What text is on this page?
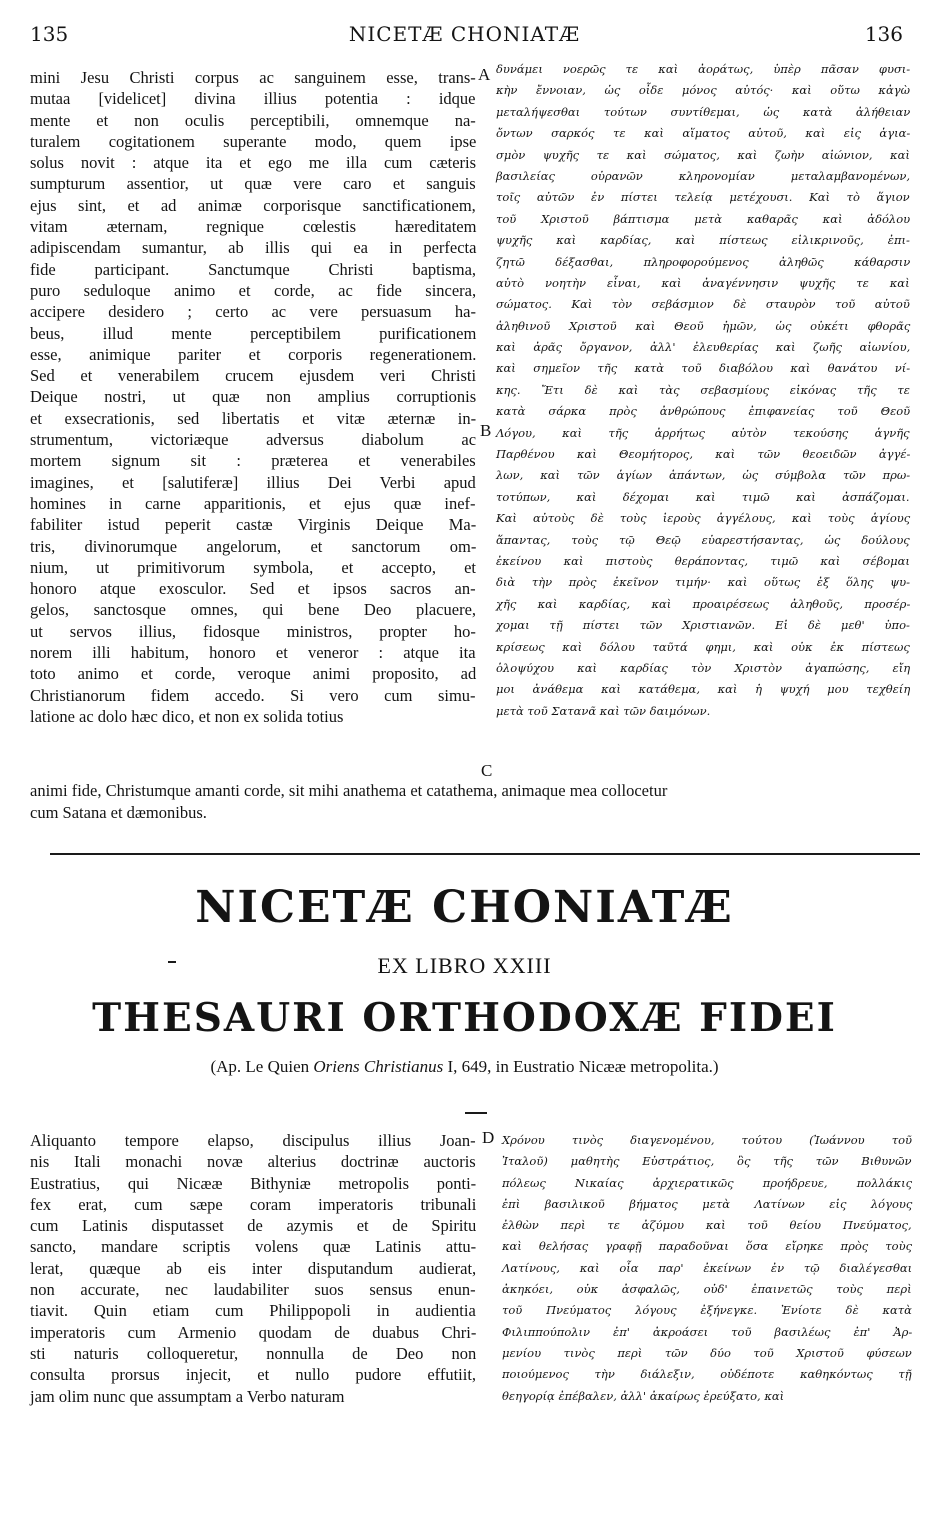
135	NICETÆ CHONIATÆ	136
mini Jesu Christi corpus ac sanguinem esse, trans-
mutaa [videlicet] divina illius potentia : idque
mente et non oculis perceptibili, omnemque na-
turalem cogitationem superante modo, quem ipse
solus novit : atque ita et ego me illa cum cæteris
sumpturum assentior, ut quæ vere caro et sanguis
ejus sint, et ad animæ corporisque sanctificationem,
vitam æternam, regnique cœlestis hæreditatem
adipiscendam sumantur, ab illis qui ea in perfecta
fide participant. Sanctumque Christi baptisma,
puro seduloque animo et corde, ac fide sincera,
accipere desidero ; certo ac vere persuasum ha-
beus, illud mente perceptibilem purificationem
esse, animique pariter et corporis regenerationem.
Sed et venerabilem crucem ejusdem veri Christi
Deique nostri, ut quæ non amplius corruptionis
et exsecrationis, sed libertatis et vitæ æternæ in-
strumentum, victoriæque adversus diabolum ac
mortem signum sit : præterea et venerabiles
imagines, et [salutiferæ] illius Dei Verbi apud
homines in carne apparitionis, et ejus quæ inef-
fabiliter istud peperit castæ Virginis Deique Ma-
tris, divinorumque angelorum, et sanctorum om-
nium, ut primitivorum symbola, et accepto, et
honoro atque exosculor. Sed et ipsos sacros an-
gelos, sanctosque omnes, qui bene Deo placuere,
ut servos illius, fidosque ministros, propter ho-
norem illi habitum, honoro et veneror : atque ita
toto animo et corde, veroque animi proposito, ad
Christianorum fidem accedo. Si vero cum simu-
latione ac dolo hæc dico, et non ex solida totius
δυνάμει νοερῶς τε καὶ ἀοράτως, ὑπὲρ πᾶσαν φυσι-
κὴν ἔννοιαν, ὡς οἶδε μόνος αὐτός· καὶ οὕτω κἀγὼ
μεταλήψεσθαι τούτων συντίθεμαι, ὡς κατὰ ἀλήθειαν
ὄντων σαρκός τε καὶ αἵματος αὐτοῦ, καὶ εἰς ἁγια-
σμὸν ψυχῆς τε καὶ σώματος, καὶ ζωὴν αἰώνιον, καὶ
βασιλείας οὐρανῶν κληρονομίαν μεταλαμβανομένων,
τοῖς αὐτῶν ἐν πίστει τελείᾳ μετέχουσι. Καὶ τὸ ἅγιον
τοῦ Χριστοῦ βάπτισμα μετὰ καθαρᾶς καὶ ἀδόλου
ψυχῆς καὶ καρδίας, καὶ πίστεως εἰλικρινοῦς, ἐπι-
ζητῶ δέξασθαι, πληροφορούμενος ἀληθῶς κάθαρσιν
αὐτὸ νοητὴν εἶναι, καὶ ἀναγέννησιν ψυχῆς τε καὶ
σώματος. Καὶ τὸν σεβάσμιον δὲ σταυρὸν τοῦ αὐτοῦ
ἀληθινοῦ Χριστοῦ καὶ Θεοῦ ἡμῶν, ὡς οὐκέτι φθορᾶς
καὶ ἀρᾶς ὄργανον, ἀλλ' ἐλευθερίας καὶ ζωῆς αἰωνίου,
καὶ σημεῖον τῆς κατὰ τοῦ διαβόλου καὶ θανάτου νί-
κης. Ἔτι δὲ καὶ τὰς σεβασμίους εἰκόνας τῆς τε
κατὰ σάρκα πρὸς ἀνθρώπους ἐπιφανείας τοῦ Θεοῦ
Λόγου, καὶ τῆς ἀρρήτως αὐτὸν τεκούσης ἁγνῆς
Παρθένου καὶ Θεομήτορος, καὶ τῶν θεοειδῶν ἀγγέ-
λων, καὶ τῶν ἁγίων ἁπάντων, ὡς σύμβολα τῶν πρω-
τοτύπων, καὶ δέχομαι καὶ τιμῶ καὶ ἀσπάζομαι.
Καὶ αὐτοὺς δὲ τοὺς ἱεροὺς ἀγγέλους, καὶ τοὺς ἁγίους
ἅπαντας, τοὺς τῷ Θεῷ εὐαρεστήσαντας, ὡς δούλους
ἐκείνου καὶ πιστοὺς θεράποντας, τιμῶ καὶ σέβομαι
διὰ τὴν πρὸς ἐκεῖνον τιμήν· καὶ οὕτως ἐξ ὅλης ψυ-
χῆς καὶ καρδίας, καὶ προαιρέσεως ἀληθοῦς, προσέρ-
χομαι τῇ πίστει τῶν Χριστιανῶν. Εἰ δὲ μεθ' ὑπο-
κρίσεως καὶ δόλου ταῦτά φημι, καὶ οὐκ ἐκ πίστεως
ὁλοψύχου καὶ καρδίας τὸν Χριστὸν ἀγαπώσης, εἴη
μοι ἀνάθεμα καὶ κατάθεμα, καὶ ἡ ψυχή μου τεχθείη
μετὰ τοῦ Σατανᾶ καὶ τῶν δαιμόνων.
A
B
C
animi fide, Christumque amanti corde, sit mihi anathema et catathema, animaque mea collocetur
cum Satana et dæmonibus.
NICETÆ CHONIATÆ
EX LIBRO XXIII
THESAURI ORTHODOXÆ FIDEI
(Ap. Le Quien Oriens Christianus I, 649, in Eustratio Nicææ metropolita.)
Aliquanto tempore elapso, discipulus illius Joan-
nis Itali monachi novæ alterius doctrinæ auctoris
Eustratius, qui Nicææ Bithyniæ metropolis ponti-
fex erat, cum sæpe coram imperatoris tribunali
cum Latinis disputasset de azymis et de Spiritu
sancto, mandare scriptis volens quæ Latinis attu-
lerat, quæque ab eis inter disputandum audierat,
non accurate, nec laudabiliter suos sensus enun-
tiavit. Quin etiam cum Philippopoli in audientia
imperatoris cum Armenio quodam de duabus Chri-
sti naturis colloqueretur, nonnulla de Deo non
consulta prorsus injecit, et nullo pudore effutiit,
jam olim nunc que assumptam a Verbo naturam
Χρόνου τινὸς διαγενομένου, τούτου (Ἰωάννου τοῦ
Ἰταλοῦ) μαθητὴς Εὐστράτιος, ὃς τῆς τῶν Βιθυνῶν
πόλεως Νικαίας ἀρχιερατικῶς προήδρευε, πολλάκις
ἐπὶ βασιλικοῦ βήματος μετὰ Λατίνων εἰς λόγους
ἐλθὼν περὶ τε ἀζύμου καὶ τοῦ θείου Πνεύματος,
καὶ θελήσας γραφῇ παραδοῦναι ὅσα εἴρηκε πρὸς τοὺς
Λατίνους, καὶ οἷα παρ' ἐκείνων ἐν τῷ διαλέγεσθαι
ἀκηκόει, οὐκ ἀσφαλῶς, οὐδ' ἐπαινετῶς τοὺς περὶ
τοῦ Πνεύματος λόγους ἐξήνεγκε. Ἐνίοτε δὲ κατὰ
Φιλιππούπολιν ἐπ' ἀκροάσει τοῦ βασιλέως ἐπ' Ἀρ-
μενίου τινὸς περὶ τῶν δύο τοῦ Χριστοῦ φύσεων
ποιούμενος τὴν διάλεξιν, οὐδέποτε καθηκόντως τῇ
θεηγορίᾳ ἐπέβαλεν, ἀλλ' ἀκαίρως ἐρεύξατο, καὶ
D
